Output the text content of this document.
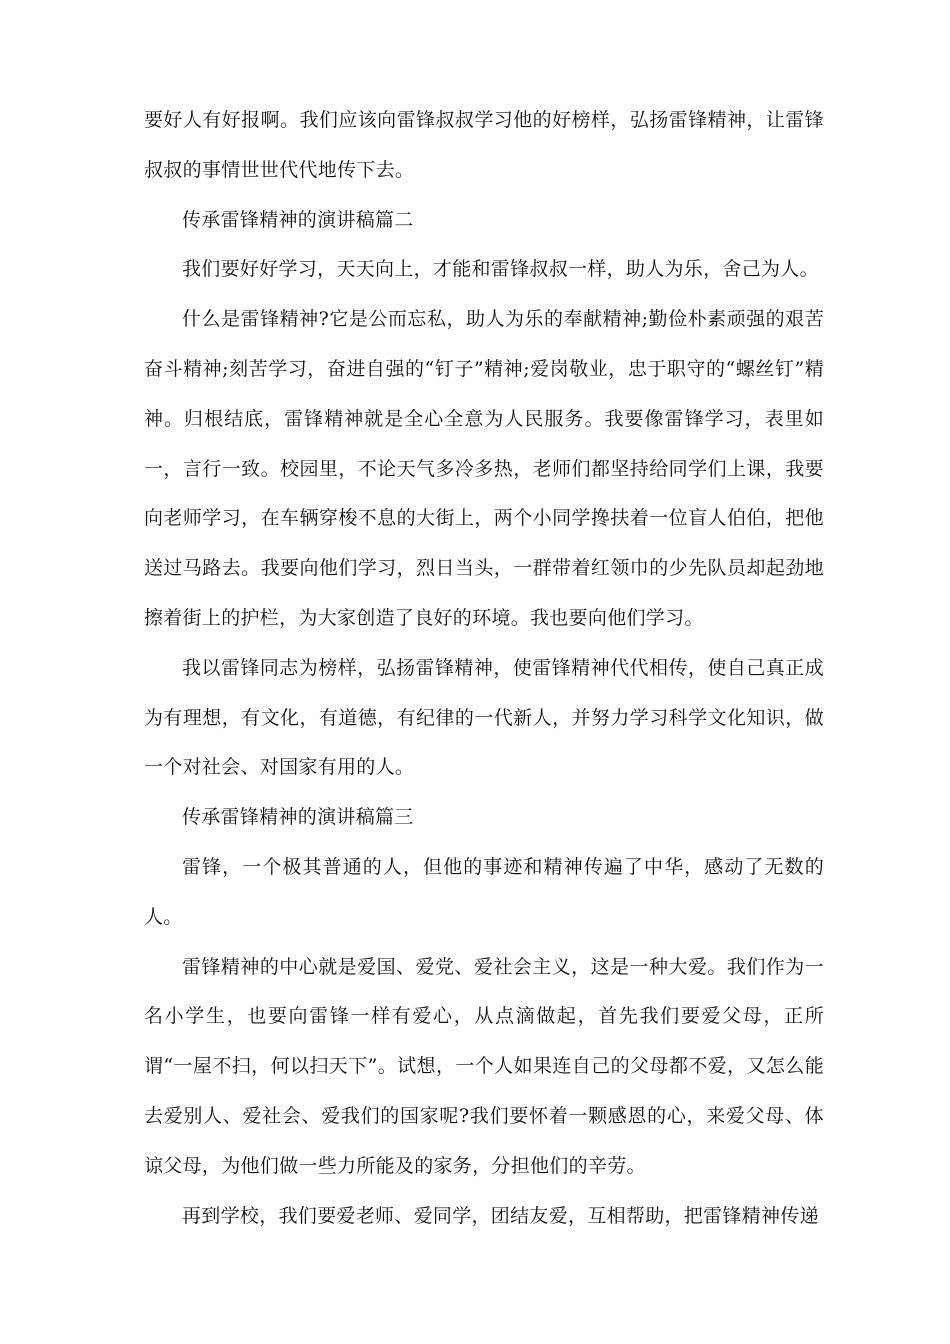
要好人有好报啊。我们应该向雷锋叔叔学习他的好榜样，弘扬雷锋精神，让雷锋叔叔的事情世世代代地传下去。

传承雷锋精神的演讲稿篇二

我们要好好学习，天天向上，才能和雷锋叔叔一样，助人为乐，舍己为人。

什么是雷锋精神?它是公而忘私，助人为乐的奉献精神;勤俭朴素顽强的艰苦奋斗精神;刻苦学习，奋进自强的“钉子”精神;爱岗敬业，忠于职守的“螺丝钉”精神。归根结底，雷锋精神就是全心全意为人民服务。我要像雷锋学习，表里如一，言行一致。校园里，不论天气多冷多热，老师们都坚持给同学们上课，我要向老师学习，在车辆穿梭不息的大街上，两个小同学搀扶着一位盲人伯伯，把他送过马路去。我要向他们学习，烈日当头，一群带着红领巾的少先队员却起劲地擦着街上的护栏，为大家创造了良好的环境。我也要向他们学习。

我以雷锋同志为榜样，弘扬雷锋精神，使雷锋精神代代相传，使自己真正成为有理想，有文化，有道德，有纪律的一代新人，并努力学习科学文化知识，做一个对社会、对国家有用的人。

传承雷锋精神的演讲稿篇三

雷锋，一个极其普通的人，但他的事迹和精神传遍了中华，感动了无数的人。

雷锋精神的中心就是爱国、爱党、爱社会主义，这是一种大爱。我们作为一名小学生，也要向雷锋一样有爱心，从点滴做起，首先我们要爱父母，正所谓“一屋不扫，何以扫天下”。试想，一个人如果连自己的父母都不爱，又怎么能去爱别人、爱社会、爱我们的国家呢?我们要怀着一颗感恩的心，来爱父母、体谅父母，为他们做一些力所能及的家务，分担他们的辛劳。

再到学校，我们要爱老师、爱同学，团结友爱，互相帮助，把雷锋精神传递
